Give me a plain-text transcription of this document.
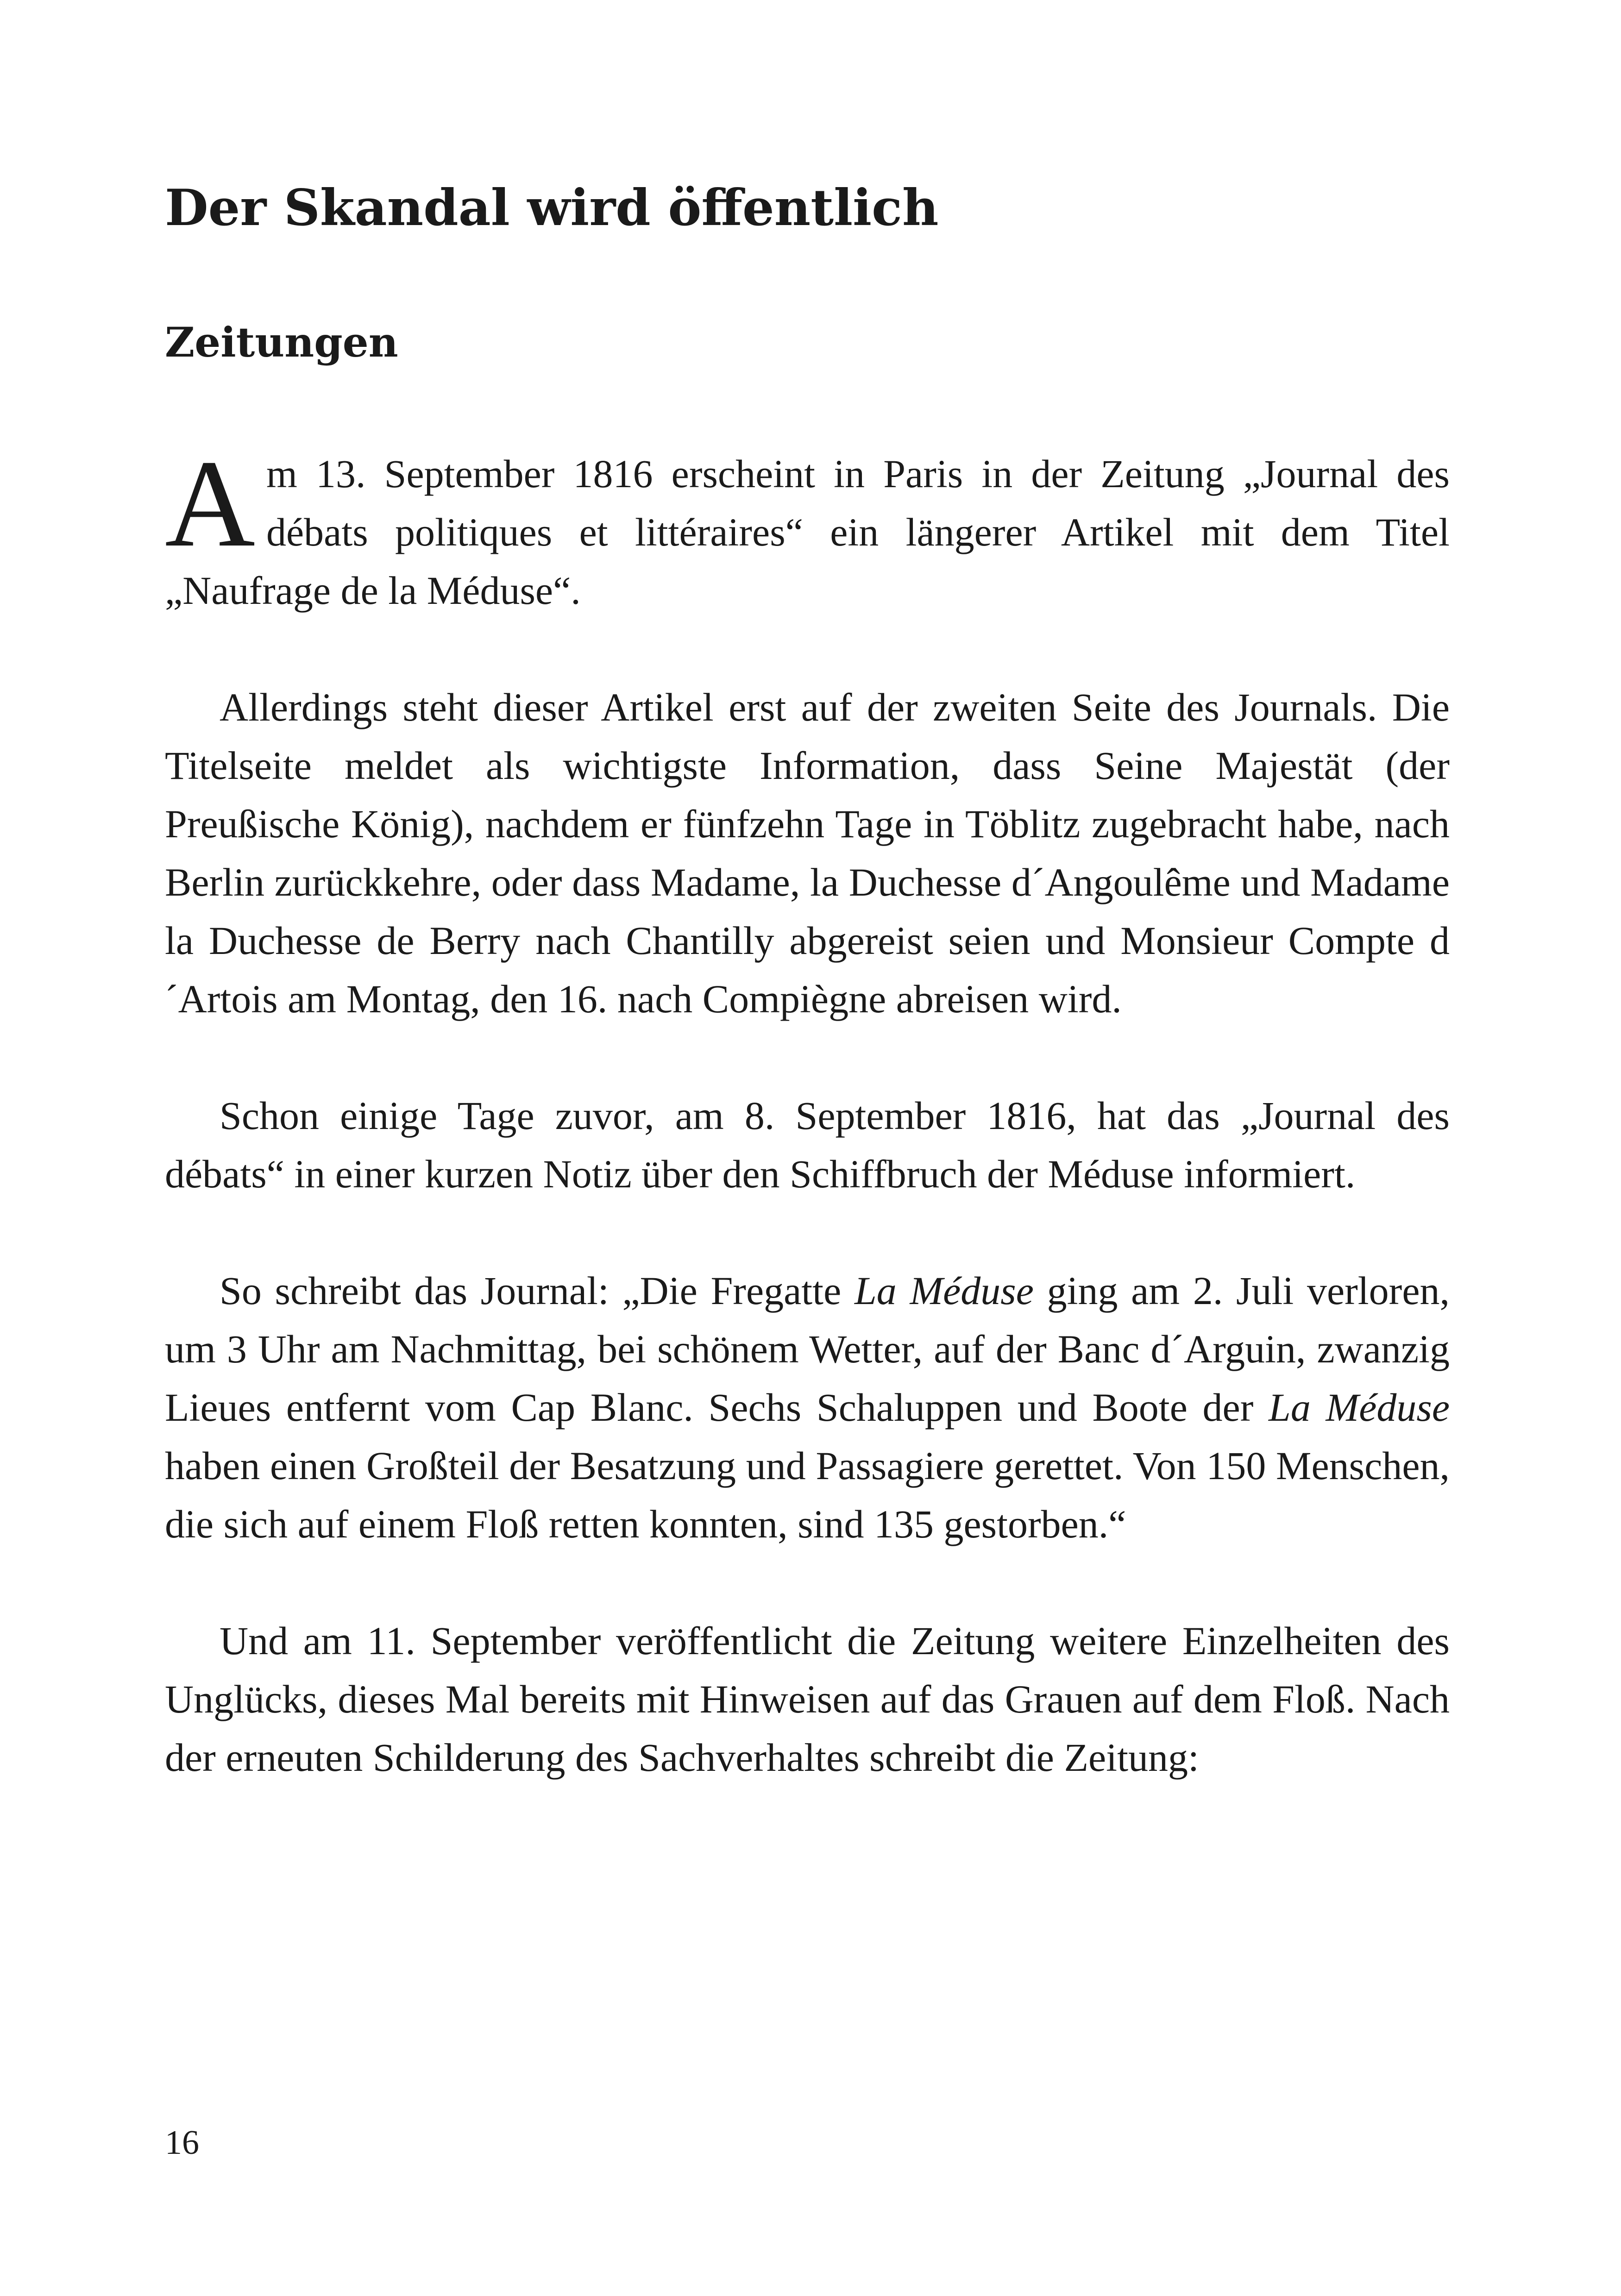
Der Skandal wird öffentlich
Zeitungen

Am 13. September 1816 erscheint in Paris in der Zeitung „Journal des débats politiques et littéraires“ ein längerer Artikel mit dem Titel „Naufrage de la Méduse“.

Allerdings steht dieser Artikel erst auf der zweiten Seite des Journals. Die Titelseite meldet als wichtigste Information, dass Seine Majestät (der Preußische König), nachdem er fünfzehn Tage in Töblitz zugebracht habe, nach Berlin zurückkehre, oder dass Madame, la Duchesse d´Angoulême und Madame la Duchesse de Berry nach Chantilly abgereist seien und Monsieur Compte d´Artois am Montag, den 16. nach Compiègne abreisen wird.

Schon einige Tage zuvor, am 8. September 1816, hat das „Journal des débats“ in einer kurzen Notiz über den Schiffbruch der Méduse informiert.

So schreibt das Journal: „Die Fregatte La Méduse ging am 2. Juli verloren, um 3 Uhr am Nachmittag, bei schönem Wetter, auf der Banc d´Arguin, zwanzig Lieues entfernt vom Cap Blanc. Sechs Schaluppen und Boote der La Méduse haben einen Großteil der Besatzung und Passagiere gerettet. Von 150 Menschen, die sich auf einem Floß retten konnten, sind 135 gestorben.“

Und am 11. September veröffentlicht die Zeitung weitere Einzelheiten des Unglücks, dieses Mal bereits mit Hinweisen auf das Grauen auf dem Floß. Nach der erneuten Schilderung des Sachverhaltes schreibt die Zeitung:

16
